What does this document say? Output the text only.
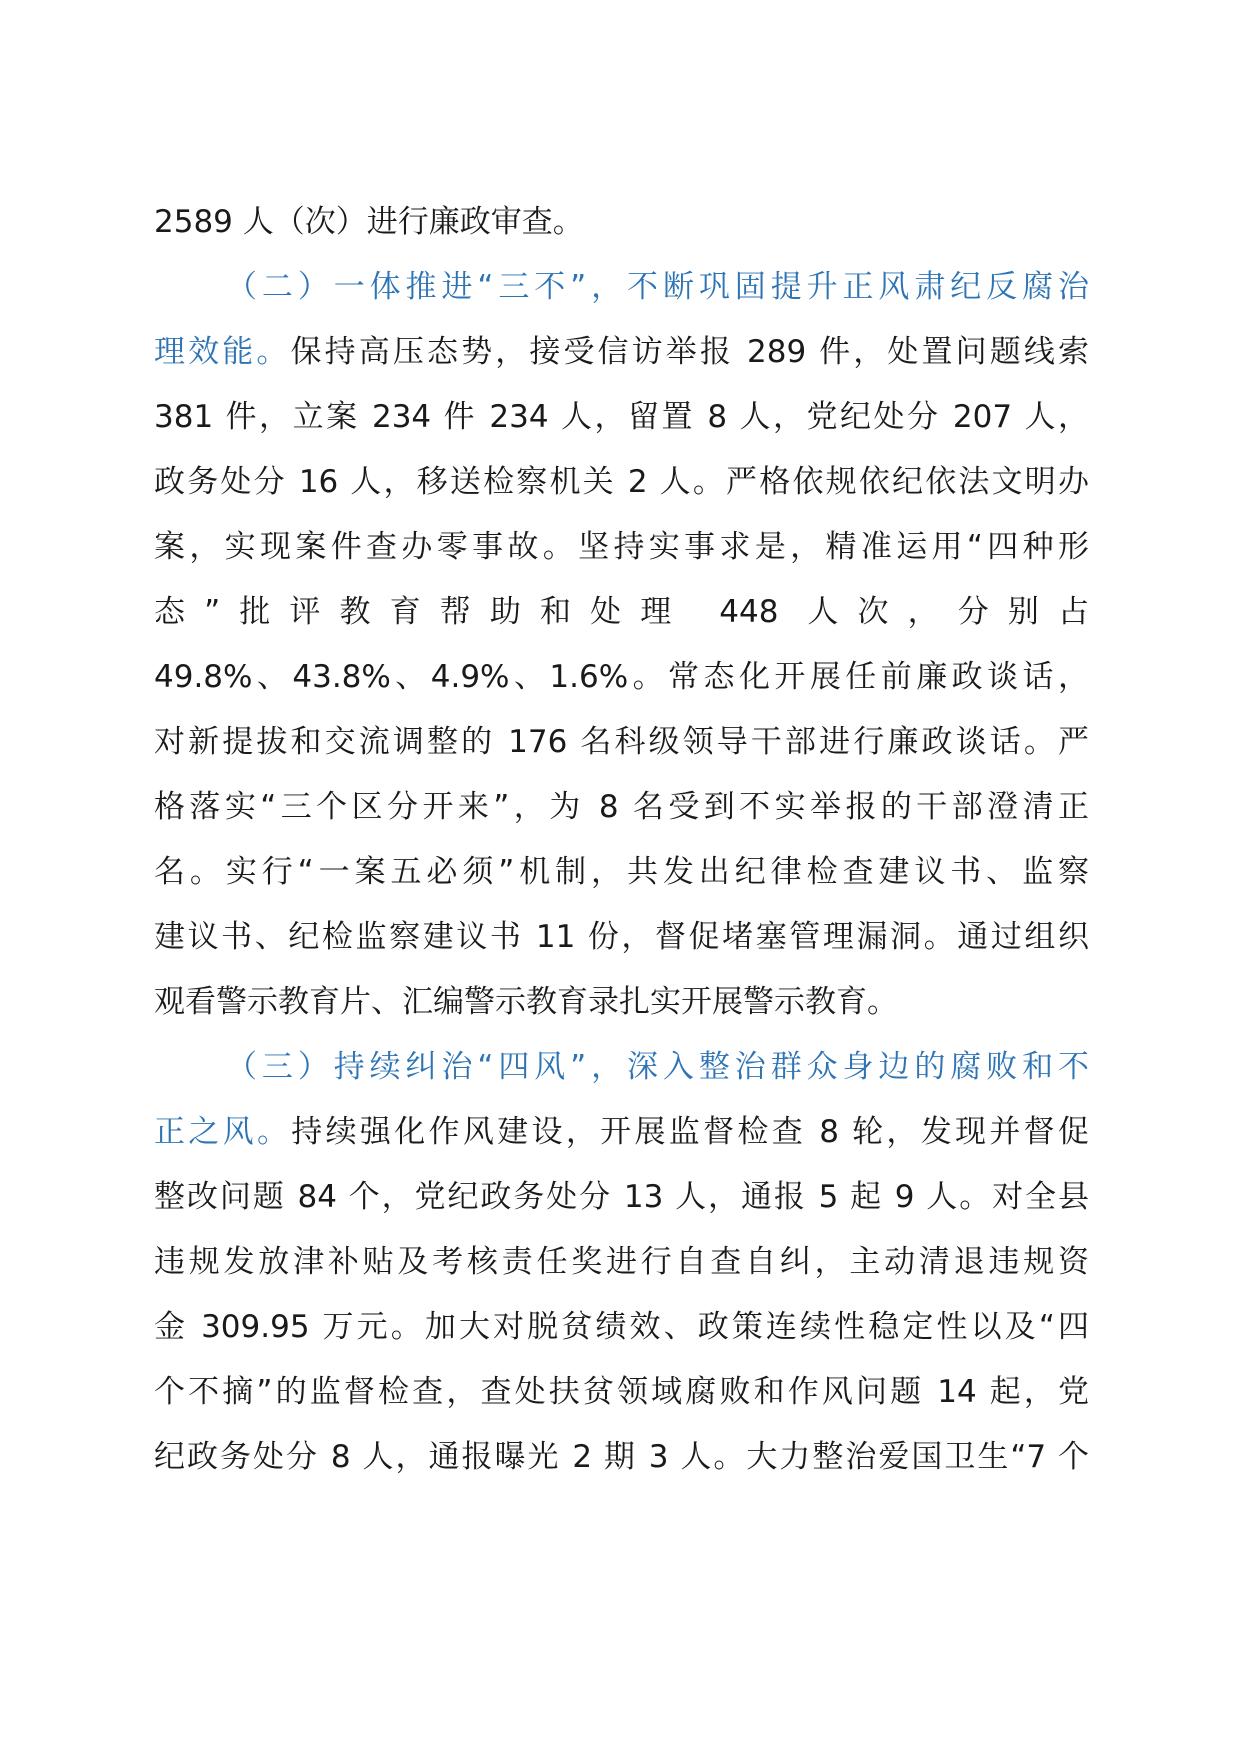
2589 人（次）进行廉政审查。
（二）一体推进“三不”，不断巩固提升正风肃纪反腐治
理效能。保持高压态势，接受信访举报 289 件，处置问题线索
381 件，立案 234 件 234 人，留置 8 人，党纪处分 207 人，
政务处分 16 人，移送检察机关 2 人。严格依规依纪依法文明办
案，实现案件查办零事故。坚持实事求是，精准运用“四种形
态”批评教育帮助和处理 448 人次，分别占
49.8%、43.8%、4.9%、1.6%。常态化开展任前廉政谈话，
对新提拔和交流调整的 176 名科级领导干部进行廉政谈话。严
格落实“三个区分开来”，为 8 名受到不实举报的干部澄清正
名。实行“一案五必须”机制，共发出纪律检查建议书、监察
建议书、纪检监察建议书 11 份，督促堵塞管理漏洞。通过组织
观看警示教育片、汇编警示教育录扎实开展警示教育。
（三）持续纠治“四风”，深入整治群众身边的腐败和不
正之风。持续强化作风建设，开展监督检查 8 轮，发现并督促
整改问题 84 个，党纪政务处分 13 人，通报 5 起 9 人。对全县
违规发放津补贴及考核责任奖进行自查自纠，主动清退违规资
金 309.95 万元。加大对脱贫绩效、政策连续性稳定性以及“四
个不摘”的监督检查，查处扶贫领域腐败和作风问题 14 起，党
纪政务处分 8 人，通报曝光 2 期 3 人。大力整治爱国卫生“7 个
